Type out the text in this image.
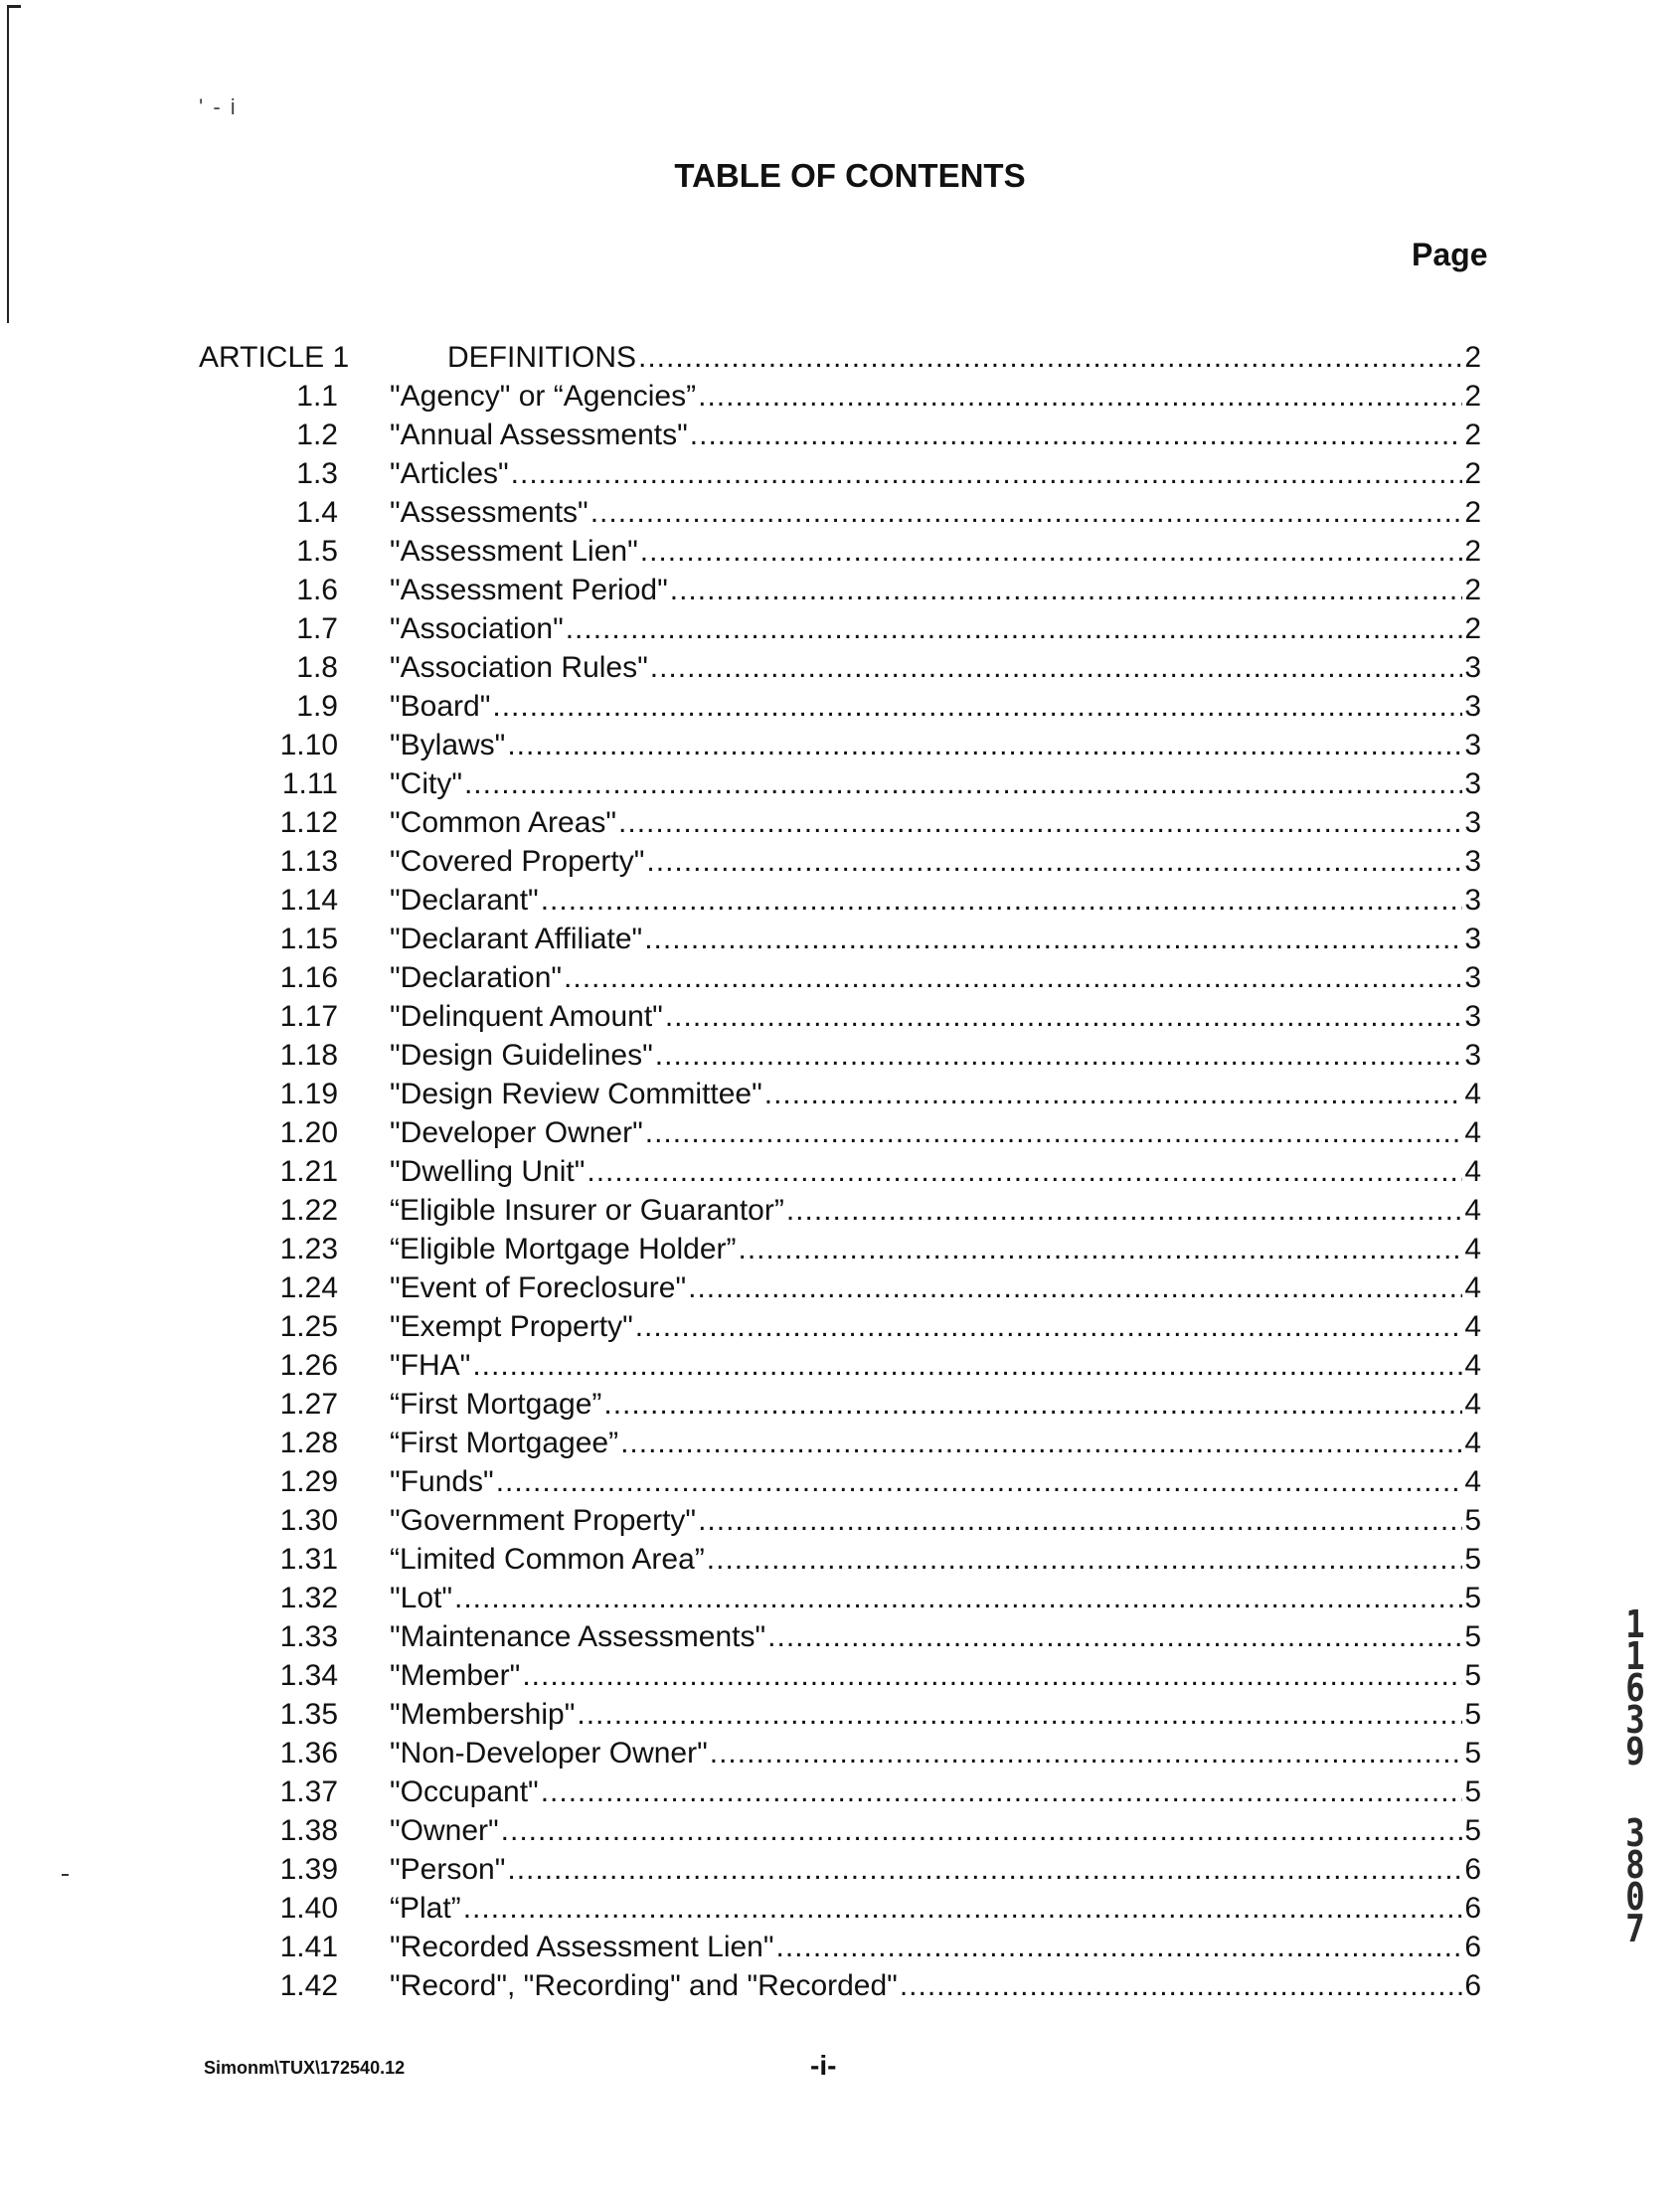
' - i
TABLE OF CONTENTS
Page
ARTICLE 1	DEFINITIONS .....	2
1.1 "Agency" or “Agencies” .....	2
1.2 "Annual Assessments" .....	2
1.3 "Articles" .....	2
1.4 "Assessments" .....	2
1.5 "Assessment Lien" .....	2
1.6 "Assessment Period" .....	2
1.7 "Association" .....	2
1.8 "Association Rules" .....	3
1.9 "Board" .....	3
1.10 "Bylaws" .....	3
1.11 "City" .....	3
1.12 "Common Areas" .....	3
1.13 "Covered Property" .....	3
1.14 "Declarant" .....	3
1.15 "Declarant Affiliate" .....	3
1.16 "Declaration" .....	3
1.17 "Delinquent Amount" .....	3
1.18 "Design Guidelines" .....	3
1.19 "Design Review Committee" .....	4
1.20 "Developer Owner" .....	4
1.21 "Dwelling Unit" .....	4
1.22 “Eligible Insurer or Guarantor” .....	4
1.23 “Eligible Mortgage Holder” .....	4
1.24 "Event of Foreclosure" .....	4
1.25 "Exempt Property" .....	4
1.26 "FHA" .....	4
1.27 “First Mortgage” .....	4
1.28 “First Mortgagee” .....	4
1.29 "Funds" .....	4
1.30 "Government Property" .....	5
1.31 “Limited Common Area” .....	5
1.32 "Lot" .....	5
1.33 "Maintenance Assessments" .....	5
1.34 "Member" .....	5
1.35 "Membership" .....	5
1.36 "Non-Developer Owner" .....	5
1.37 "Occupant" .....	5
1.38 "Owner" .....	5
1.39 "Person" .....	6
1.40 “Plat” .....	6
1.41 "Recorded Assessment Lien" .....	6
1.42 "Record", "Recording" and "Recorded" .....	6
Simonm\TUX\172540.12	-i-
1
1
6
3
9
3
8
0
7
